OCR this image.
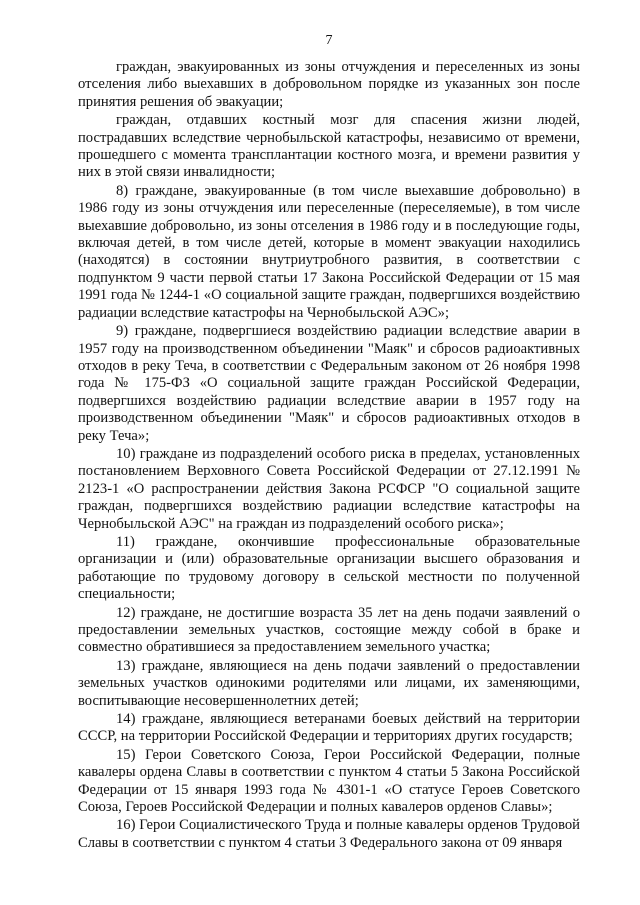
7

граждан, эвакуированных из зоны отчуждения и переселенных из зоны отселения либо выехавших в добровольном порядке из указанных зон после принятия решения об эвакуации;

граждан, отдавших костный мозг для спасения жизни людей, пострадавших вследствие чернобыльской катастрофы, независимо от времени, прошедшего с момента трансплантации костного мозга, и времени развития у них в этой связи инвалидности;

8) граждане, эвакуированные (в том числе выехавшие добровольно) в 1986 году из зоны отчуждения или переселенные (переселяемые), в том числе выехавшие добровольно, из зоны отселения в 1986 году и в последующие годы, включая детей, в том числе детей, которые в момент эвакуации находились (находятся) в состоянии внутриутробного развития, в соответствии с подпунктом 9 части первой статьи 17 Закона Российской Федерации от 15 мая 1991 года № 1244-1 «О социальной защите граждан, подвергшихся воздействию радиации вследствие катастрофы на Чернобыльской АЭС»;

9) граждане, подвергшиеся воздействию радиации вследствие аварии в 1957 году на производственном объединении "Маяк" и сбросов радиоактивных отходов в реку Теча, в соответствии с Федеральным законом от 26 ноября 1998 года № 175-ФЗ «О социальной защите граждан Российской Федерации, подвергшихся воздействию радиации вследствие аварии в 1957 году на производственном объединении "Маяк" и сбросов радиоактивных отходов в реку Теча»;

10) граждане из подразделений особого риска в пределах, установленных постановлением Верховного Совета Российской Федерации от 27.12.1991 № 2123-1 «О распространении действия Закона РСФСР "О социальной защите граждан, подвергшихся воздействию радиации вследствие катастрофы на Чернобыльской АЭС" на граждан из подразделений особого риска»;

11) граждане, окончившие профессиональные образовательные организации и (или) образовательные организации высшего образования и работающие по трудовому договору в сельской местности по полученной специальности;

12) граждане, не достигшие возраста 35 лет на день подачи заявлений о предоставлении земельных участков, состоящие между собой в браке и совместно обратившиеся за предоставлением земельного участка;

13) граждане, являющиеся на день подачи заявлений о предоставлении земельных участков одинокими родителями или лицами, их заменяющими, воспитывающие несовершеннолетних детей;

14) граждане, являющиеся ветеранами боевых действий на территории СССР, на территории Российской Федерации и территориях других государств;

15) Герои Советского Союза, Герои Российской Федерации, полные кавалеры ордена Славы в соответствии с пунктом 4 статьи 5 Закона Российской Федерации от 15 января 1993 года № 4301-1 «О статусе Героев Советского Союза, Героев Российской Федерации и полных кавалеров орденов Славы»;

16) Герои Социалистического Труда и полные кавалеры орденов Трудовой Славы в соответствии с пунктом 4 статьи 3 Федерального закона от 09 января
